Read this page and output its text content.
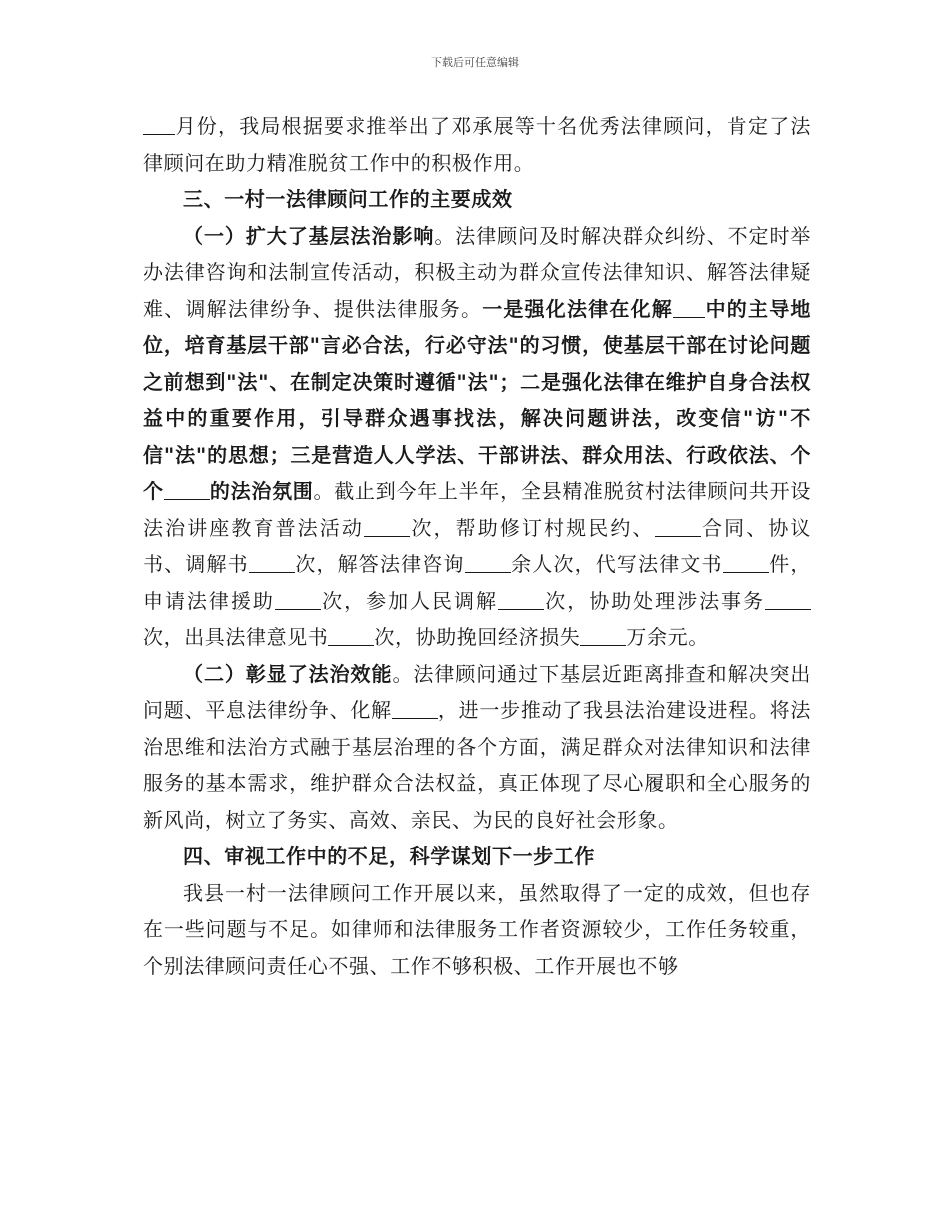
下载后可任意编辑

月份，我局根据要求推举出了邓承展等十名优秀法律顾问，肯定了法律顾问在助力精准脱贫工作中的积极作用。

三、一村一法律顾问工作的主要成效

（一）扩大了基层法治影响。法律顾问及时解决群众纠纷、不定时举办法律咨询和法制宣传活动，积极主动为群众宣传法律知识、解答法律疑难、调解法律纷争、提供法律服务。一是强化法律在化解 中的主导地位，培育基层干部"言必合法，行必守法"的习惯，使基层干部在讨论问题之前想到"法"、在制定决策时遵循"法"；二是强化法律在维护自身合法权益中的重要作用，引导群众遇事找法，解决问题讲法，改变信"访"不信"法"的思想；三是营造人人学法、干部讲法、群众用法、行政依法、个个 的法治氛围。截止到今年上半年，全县精准脱贫村法律顾问共开设法治讲座教育普法活动 次，帮助修订村规民约、 合同、协议书、调解书 次，解答法律咨询 余人次，代写法律文书 件，申请法律援助 次，参加人民调解 次，协助处理涉法事务次，出具法律意见书 次，协助挽回经济损失 万余元。

（二）彰显了法治效能。法律顾问通过下基层近距离排查和解决突出问题、平息法律纷争、化解 ，进一步推动了我县法治建设进程。将法治思维和法治方式融于基层治理的各个方面，满足群众对法律知识和法律服务的基本需求，维护群众合法权益，真正体现了尽心履职和全心服务的新风尚，树立了务实、高效、亲民、为民的良好社会形象。

四、审视工作中的不足，科学谋划下一步工作

我县一村一法律顾问工作开展以来，虽然取得了一定的成效，但也存在一些问题与不足。如律师和法律服务工作者资源较少，工作任务较重，个别法律顾问责任心不强、工作不够积极、工作开展也不够
